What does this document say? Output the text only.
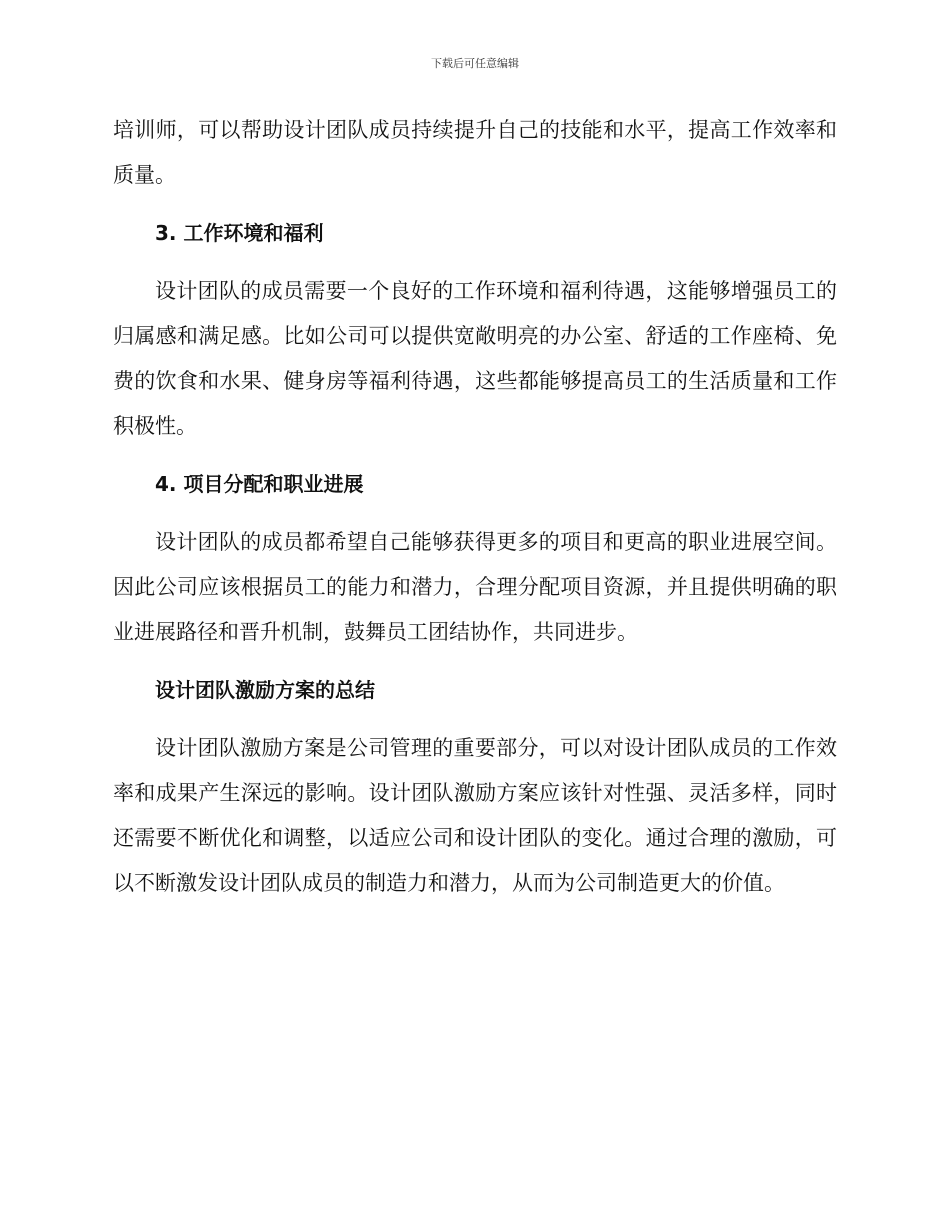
下载后可任意编辑

培训师，可以帮助设计团队成员持续提升自己的技能和水平，提高工作效率和质量。

3. 工作环境和福利

设计团队的成员需要一个良好的工作环境和福利待遇，这能够增强员工的归属感和满足感。比如公司可以提供宽敞明亮的办公室、舒适的工作座椅、免费的饮食和水果、健身房等福利待遇，这些都能够提高员工的生活质量和工作积极性。

4. 项目分配和职业进展

设计团队的成员都希望自己能够获得更多的项目和更高的职业进展空间。因此公司应该根据员工的能力和潜力，合理分配项目资源，并且提供明确的职业进展路径和晋升机制，鼓舞员工团结协作，共同进步。

设计团队激励方案的总结

设计团队激励方案是公司管理的重要部分，可以对设计团队成员的工作效率和成果产生深远的影响。设计团队激励方案应该针对性强、灵活多样，同时还需要不断优化和调整，以适应公司和设计团队的变化。通过合理的激励，可以不断激发设计团队成员的制造力和潜力，从而为公司制造更大的价值。
